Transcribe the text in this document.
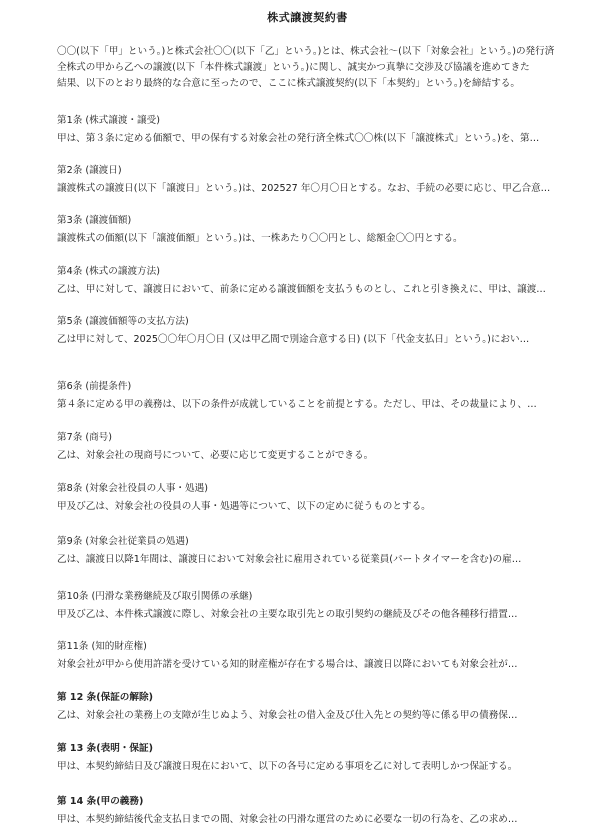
株式譲渡契約書
〇〇(以下「甲」という。)と株式会社〇〇(以下「乙」という。)とは、株式会社～(以下「対象会社」という。)の発行済
全株式の甲から乙への譲渡(以下「本件株式譲渡」という。)に関し、誠実かつ真摯に交渉及び協議を進めてきた
結果、以下のとおり最終的な合意に至ったので、ここに株式譲渡契約(以下「本契約」という。)を締結する。
第1条 (株式譲渡・譲受)
甲は、第３条に定める価額で、甲の保有する対象会社の発行済全株式〇〇株(以下「譲渡株式」という。)を、第…
第2条 (譲渡日)
譲渡株式の譲渡日(以下「譲渡日」という。)は、202527 年〇月〇日とする。なお、手続の必要に応じ、甲乙合意…
第3条 (譲渡価額)
譲渡株式の価額(以下「譲渡価額」という。)は、一株あたり〇〇円とし、総額金〇〇円とする。
第4条 (株式の譲渡方法)
乙は、甲に対して、譲渡日において、前条に定める譲渡価額を支払うものとし、これと引き換えに、甲は、譲渡…
第5条 (譲渡価額等の支払方法)
乙は甲に対して、2025〇〇年〇月〇日 (又は甲乙間で別途合意する日) (以下「代金支払日」という。)におい…
第6条 (前提条件)
第４条に定める甲の義務は、以下の条件が成就していることを前提とする。ただし、甲は、その裁量により、…
第7条 (商号)
乙は、対象会社の現商号について、必要に応じて変更することができる。
第8条 (対象会社役員の人事・処遇)
甲及び乙は、対象会社の役員の人事・処遇等について、以下の定めに従うものとする。
第9条 (対象会社従業員の処遇)
乙は、譲渡日以降1年間は、譲渡日において対象会社に雇用されている従業員(パートタイマーを含む)の雇…
第10条 (円滑な業務継続及び取引関係の承継)
甲及び乙は、本件株式譲渡に際し、対象会社の主要な取引先との取引契約の継続及びその他各種移行措置…
第11条 (知的財産権)
対象会社が甲から使用許諾を受けている知的財産権が存在する場合は、譲渡日以降においても対象会社が…
第 12 条(保証の解除)
乙は、対象会社の業務上の支障が生じぬよう、対象会社の借入金及び仕入先との契約等に係る甲の債務保…
第 13 条(表明・保証)
甲は、本契約締結日及び譲渡日現在において、以下の各号に定める事項を乙に対して表明しかつ保証する。
第 14 条(甲の義務)
甲は、本契約締結後代金支払日までの間、対象会社の円滑な運営のために必要な一切の行為を、乙の求め…
